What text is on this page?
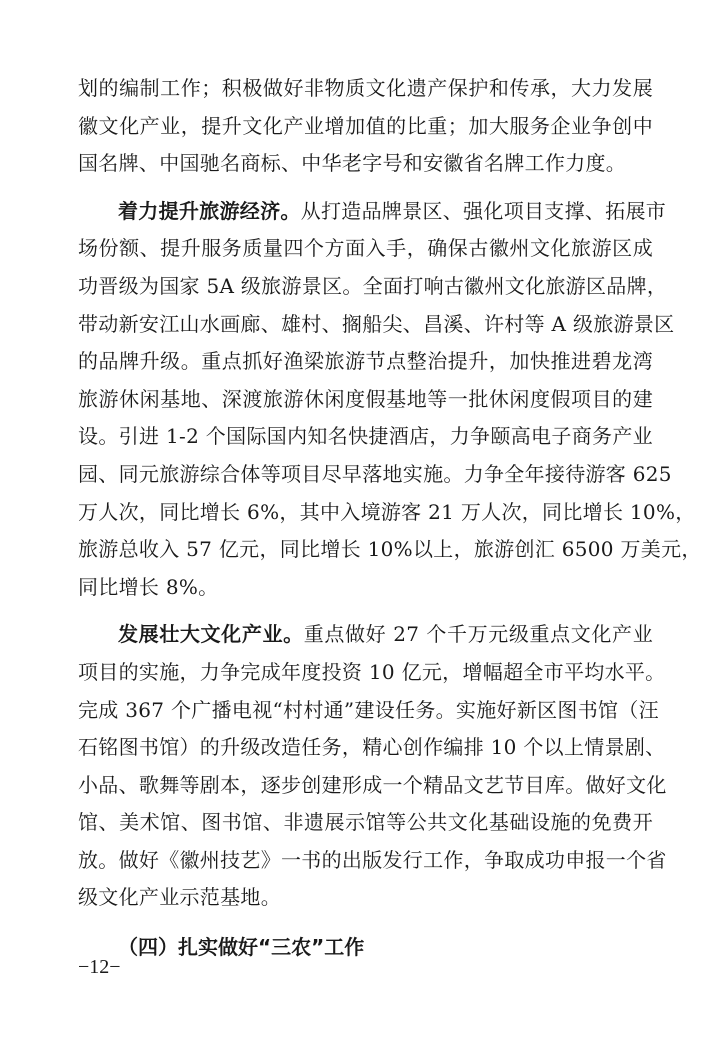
划的编制工作；积极做好非物质文化遗产保护和传承，大力发展
徽文化产业，提升文化产业增加值的比重；加大服务企业争创中
国名牌、中国驰名商标、中华老字号和安徽省名牌工作力度。
着力提升旅游经济。从打造品牌景区、强化项目支撑、拓展市
场份额、提升服务质量四个方面入手，确保古徽州文化旅游区成
功晋级为国家 5A 级旅游景区。全面打响古徽州文化旅游区品牌，
带动新安江山水画廊、雄村、搁船尖、昌溪、许村等 A 级旅游景区
的品牌升级。重点抓好渔梁旅游节点整治提升，加快推进碧龙湾
旅游休闲基地、深渡旅游休闲度假基地等一批休闲度假项目的建
设。引进 1-2 个国际国内知名快捷酒店，力争颐高电子商务产业
园、同元旅游综合体等项目尽早落地实施。力争全年接待游客 625
万人次，同比增长 6%，其中入境游客 21 万人次，同比增长 10%，
旅游总收入 57 亿元，同比增长 10%以上，旅游创汇 6500 万美元，
同比增长 8%。
发展壮大文化产业。重点做好 27 个千万元级重点文化产业
项目的实施，力争完成年度投资 10 亿元，增幅超全市平均水平。
完成 367 个广播电视“村村通”建设任务。实施好新区图书馆（汪
石铭图书馆）的升级改造任务，精心创作编排 10 个以上情景剧、
小品、歌舞等剧本，逐步创建形成一个精品文艺节目库。做好文化
馆、美术馆、图书馆、非遗展示馆等公共文化基础设施的免费开
放。做好《徽州技艺》一书的出版发行工作，争取成功申报一个省
级文化产业示范基地。
（四）扎实做好“三农”工作
−12−
